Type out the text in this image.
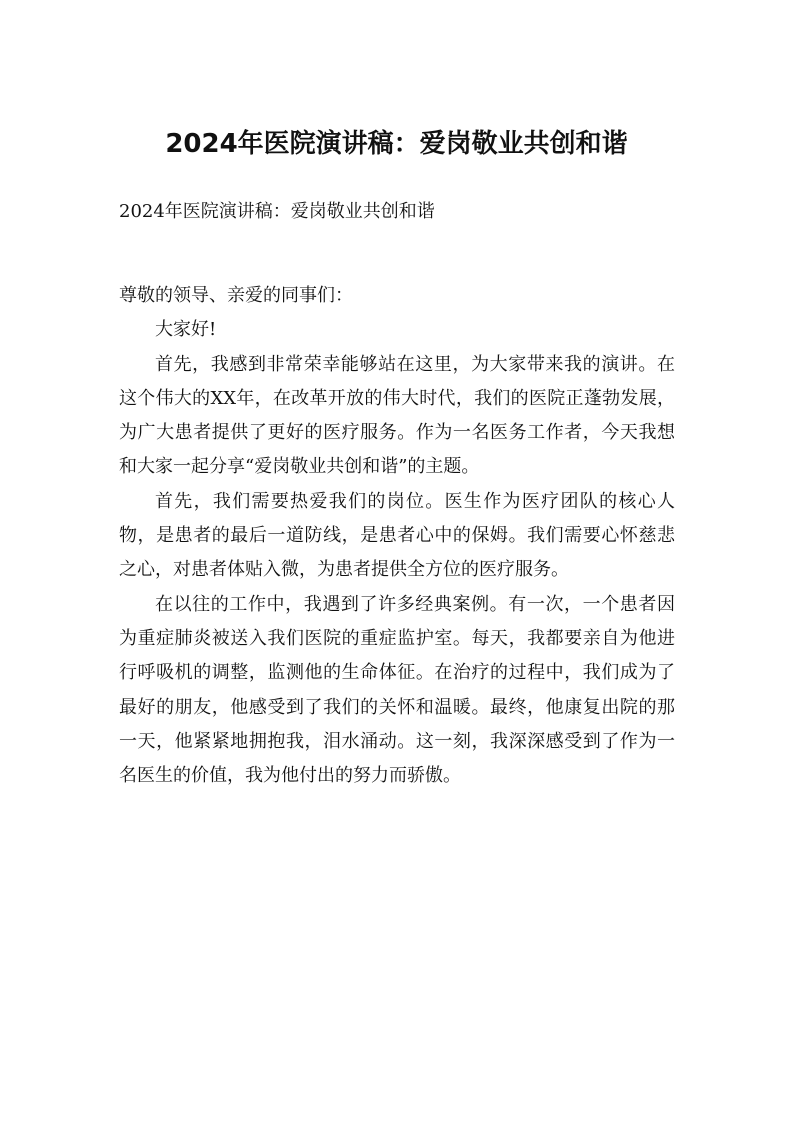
2024年医院演讲稿：爱岗敬业共创和谐

2024年医院演讲稿：爱岗敬业共创和谐

尊敬的领导、亲爱的同事们：

大家好!

首先，我感到非常荣幸能够站在这里，为大家带来我的演讲。在这个伟大的XX年，在改革开放的伟大时代，我们的医院正蓬勃发展，为广大患者提供了更好的医疗服务。作为一名医务工作者，今天我想和大家一起分享“爱岗敬业共创和谐”的主题。

首先，我们需要热爱我们的岗位。医生作为医疗团队的核心人物，是患者的最后一道防线，是患者心中的保姆。我们需要心怀慈悲之心，对患者体贴入微，为患者提供全方位的医疗服务。

在以往的工作中，我遇到了许多经典案例。有一次，一个患者因为重症肺炎被送入我们医院的重症监护室。每天，我都要亲自为他进行呼吸机的调整，监测他的生命体征。在治疗的过程中，我们成为了最好的朋友，他感受到了我们的关怀和温暖。最终，他康复出院的那一天，他紧紧地拥抱我，泪水涌动。这一刻，我深深感受到了作为一名医生的价值，我为他付出的努力而骄傲。
